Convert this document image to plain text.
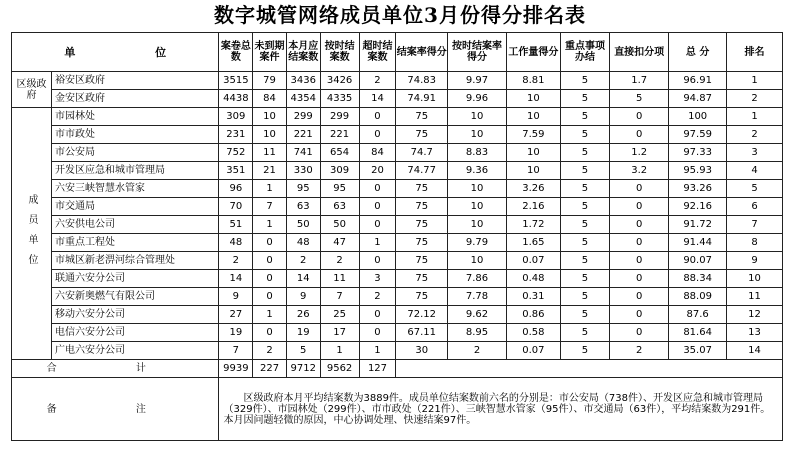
数字城管网络成员单位3月份得分排名表
单 位		案卷总数	未到期案件	本月应结案数	按时结案数	超时结案数	结案率得分	按时结案率得分	工作量得分	重点事项办结	直接扣分项	总 分	排名
区级政府	裕安区政府	3515	79	3436	3426	2	74.83	9.97	8.81	5	1.7	96.91	1
	金安区政府	4438	84	4354	4335	14	74.91	9.96	10	5	5	94.87	2
成员单位	市园林处	309	10	299	299	0	75	10	10	5	0	100	1
	市市政处	231	10	221	221	0	75	10	7.59	5	0	97.59	2
	市公安局	752	11	741	654	84	74.7	8.83	10	5	1.2	97.33	3
	开发区应急和城市管理局	351	21	330	309	20	74.77	9.36	10	5	3.2	95.93	4
	六安三峡智慧水管家	96	1	95	95	0	75	10	3.26	5	0	93.26	5
	市交通局	70	7	63	63	0	75	10	2.16	5	0	92.16	6
	六安供电公司	51	1	50	50	0	75	10	1.72	5	0	91.72	7
	市重点工程处	48	0	48	47	1	75	9.79	1.65	5	0	91.44	8
	市城区新老淠河综合管理处	2	0	2	2	0	75	10	0.07	5	0	90.07	9
	联通六安分公司	14	0	14	11	3	75	7.86	0.48	5	0	88.34	10
	六安新奥燃气有限公司	9	0	9	7	2	75	7.78	0.31	5	0	88.09	11
	移动六安分公司	27	1	26	25	0	72.12	9.62	0.86	5	0	87.6	12
	电信六安分公司	19	0	19	17	0	67.11	8.95	0.58	5	0	81.64	13
	广电六安分公司	7	2	5	1	1	30	2	0.07	5	2	35.07	14
合 计		9939	227	9712	9562	127							
备 注		区级政府本月平均结案数为3889件。成员单位结案数前六名的分别是：市公安局（738件）、开发区应急和城市管理局（329件）、市园林处（299件）、市市政处（221件）、三峡智慧水管家（95件）、市交通局（63件），平均结案数为291件。本月因问题轻微的原因，中心协调处理、快速结案97件。											
